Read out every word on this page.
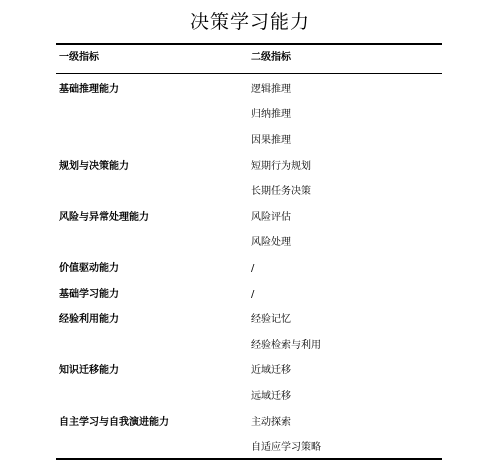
决策学习能力
一级指标	二级指标
基础推理能力	逻辑推理
	归纳推理
	因果推理
规划与决策能力	短期行为规划
	长期任务决策
风险与异常处理能力	风险评估
	风险处理
价值驱动能力	/
基础学习能力	/
经验利用能力	经验记忆
	经验检索与利用
知识迁移能力	近域迁移
	远域迁移
自主学习与自我演进能力	主动探索
	自适应学习策略
